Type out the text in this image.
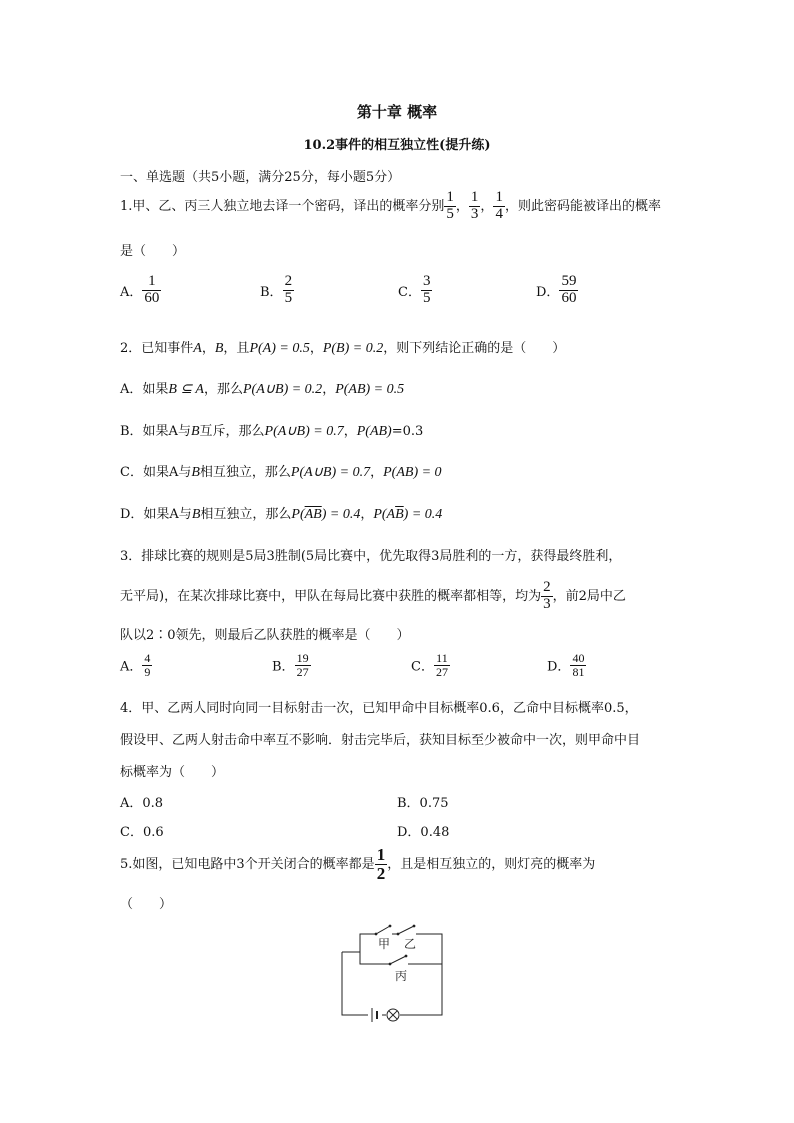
第十章 概率
10.2事件的相互独立性(提升练)
一、单选题（共5小题，满分25分，每小题5分）
1.甲、乙、丙三人独立地去译一个密码，译出的概率分别 $\frac{1}{5}$ ， $\frac{1}{3}$ ， $\frac{1}{4}$ ，则此密码能被译出的概率
是（　　）
A． $\frac{1}{60}$	B． $\frac{2}{5}$	C． $\frac{3}{5}$	D． $\frac{59}{60}$
2．已知事件A，B，且P(A) = 0.5，P(B) = 0.2，则下列结论正确的是（　　）
A．如果B ⊆ A，那么P(A∪B) = 0.2，P(AB) = 0.5
B．如果A与B互斥，那么P(A∪B) = 0.7，P(AB)=0.3
C．如果A与B相互独立，那么P(A∪B) = 0.7，P(AB) = 0
D．如果A与B相互独立，那么$P(\overline{AB}) = 0.4$，$P(A\overline{B}) = 0.4$
3．排球比赛的规则是5局3胜制(5局比赛中，优先取得3局胜利的一方，获得最终胜利，
无平局)，在某次排球比赛中，甲队在每局比赛中获胜的概率都相等，均为 $\frac{2}{3}$ ，前2局中乙
队以2∶0领先，则最后乙队获胜的概率是（　　）
A． $\frac{4}{9}$	B． $\frac{19}{27}$	C． $\frac{11}{27}$	D． $\frac{40}{81}$
4．甲、乙两人同时向同一目标射击一次，已知甲命中目标概率0.6，乙命中目标概率0.5，
假设甲、乙两人射击命中率互不影响．射击完毕后，获知目标至少被命中一次，则甲命中目
标概率为（　　）
A．0.8	B．0.75
C．0.6	D．0.48
5.如图，已知电路中3个开关闭合的概率都是 $\frac{1}{2}$ ，且是相互独立的，则灯亮的概率为
（　　）
甲 乙
丙
